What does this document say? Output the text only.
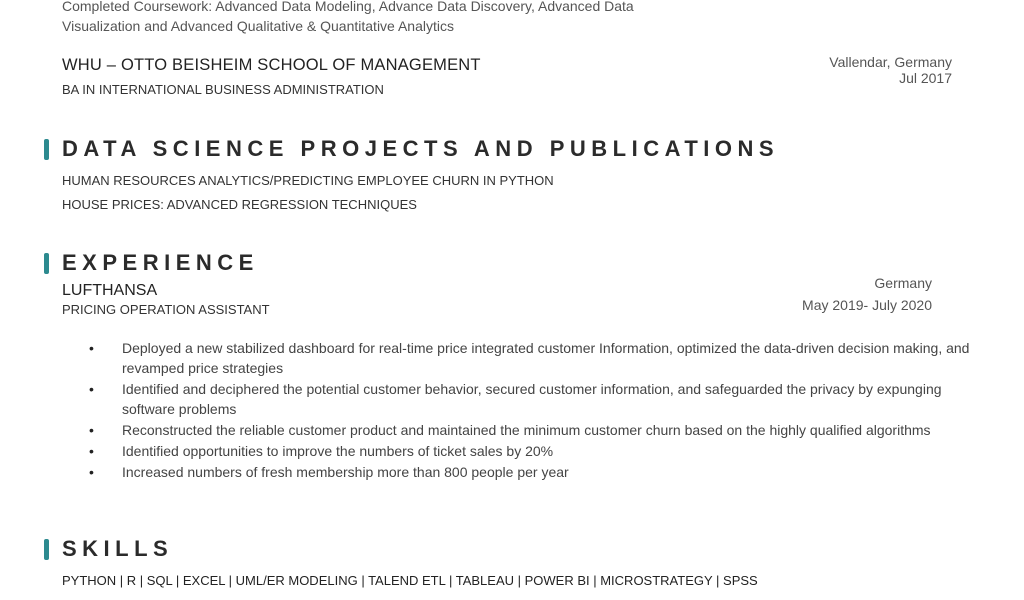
Completed Coursework: Advanced Data Modeling, Advance Data Discovery, Advanced Data
Visualization and Advanced Qualitative & Quantitative Analytics
WHU – OTTO BEISHEIM SCHOOL OF MANAGEMENT
BA IN INTERNATIONAL BUSINESS ADMINISTRATION
Vallendar, Germany
Jul 2017
DATA SCIENCE PROJECTS AND PUBLICATIONS
HUMAN RESOURCES ANALYTICS/PREDICTING EMPLOYEE CHURN IN PYTHON
HOUSE PRICES: ADVANCED REGRESSION TECHNIQUES
EXPERIENCE
LUFTHANSA
PRICING OPERATION ASSISTANT
Germany
May 2019- July 2020
• Deployed a new stabilized dashboard for real-time price integrated customer Information, optimized the data-driven decision making, and revamped price strategies
• Identified and deciphered the potential customer behavior, secured customer information, and safeguarded the privacy by expunging software problems
• Reconstructed the reliable customer product and maintained the minimum customer churn based on the highly qualified algorithms
• Identified opportunities to improve the numbers of ticket sales by 20%
• Increased numbers of fresh membership more than 800 people per year
SKILLS
PYTHON | R | SQL | EXCEL | UML/ER MODELING | TALEND ETL | TABLEAU | POWER BI | MICROSTRATEGY | SPSS
